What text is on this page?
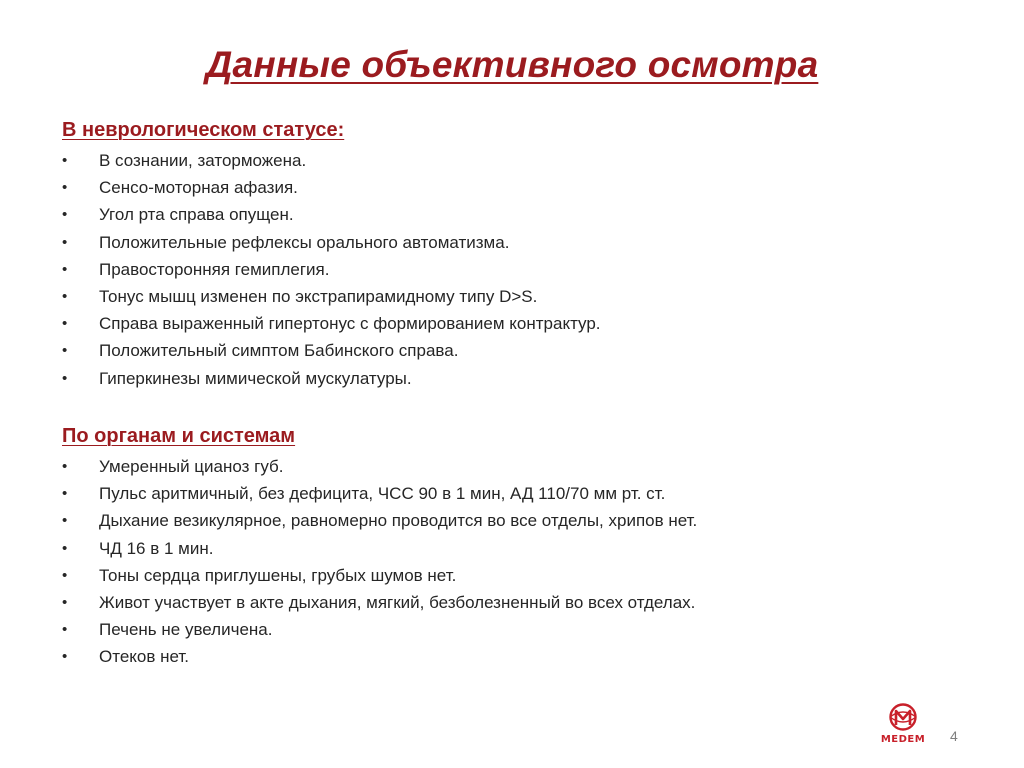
Данные объективного осмотра
В неврологическом статусе:
• В сознании, заторможена.
• Сенсо-моторная афазия.
• Угол рта справа опущен.
• Положительные рефлексы орального автоматизма.
• Правосторонняя гемиплегия.
• Тонус мышц изменен по экстрапирамидному типу D>S.
• Справа выраженный гипертонус с формированием контрактур.
• Положительный симптом Бабинского справа.
• Гиперкинезы мимической мускулатуры.
По органам и системам
• Умеренный цианоз губ.
• Пульс аритмичный, без дефицита, ЧСС 90 в 1 мин, АД 110/70 мм рт. ст.
• Дыхание везикулярное, равномерно проводится во все отделы, хрипов нет.
• ЧД 16 в 1 мин.
• Тоны сердца приглушены, грубых шумов нет.
• Живот участвует в акте дыхания, мягкий, безболезненный во всех отделах.
• Печень не увеличена.
• Отеков нет.
MEDEM	4
